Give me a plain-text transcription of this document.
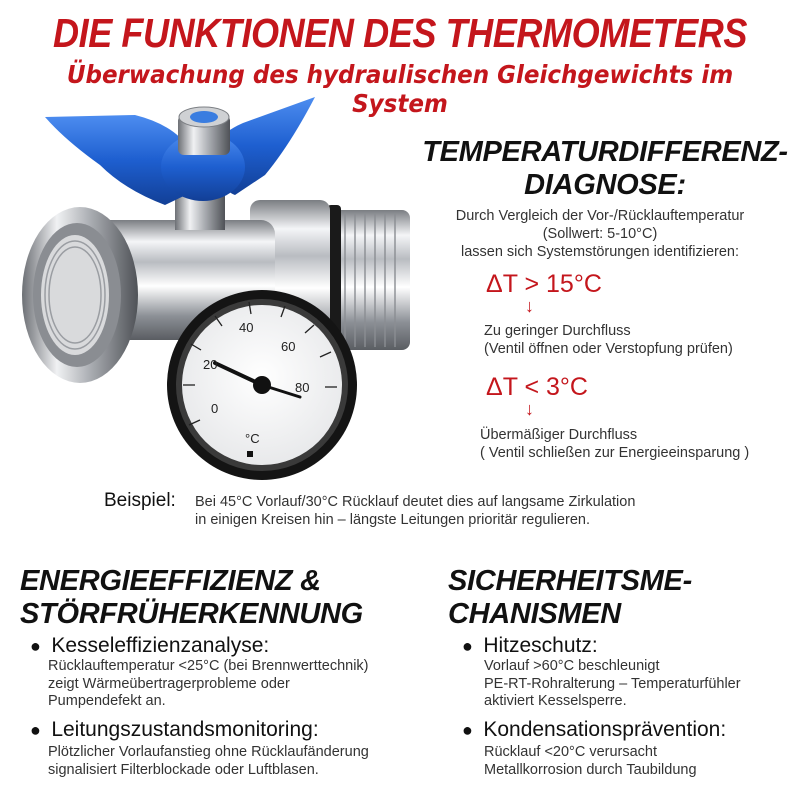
DIE FUNKTIONEN DES THERMOMETERS
Überwachung des hydraulischen Gleichgewichts im System
0
20
40
60
80
°C
TEMPERATURDIFFERENZ-
DIAGNOSE:
Durch Vergleich der Vor-/Rücklauftemperatur
(Sollwert: 5-10°C)
lassen sich Systemstörungen identifizieren:
ΔT > 15°C
↓
Zu geringer Durchfluss
(Ventil öffnen oder Verstopfung prüfen)
ΔT < 3°C
↓
Übermäßiger Durchfluss
( Ventil schließen zur Energieeinsparung )
Beispiel: Bei 45°C Vorlauf/30°C Rücklauf deutet dies auf langsame Zirkulation
in einigen Kreisen hin – längste Leitungen prioritär regulieren.
ENERGIEEFFIZIENZ &
STÖRFRÜHERKENNUNG
● Kesseleffizienzanalyse:
Rücklauftemperatur <25°C (bei Brennwerttechnik)
zeigt Wärmeübertragerprobleme oder
Pumpendefekt an.
● Leitungszustandsmonitoring:
Plötzlicher Vorlaufanstieg ohne Rücklaufänderung
signalisiert Filterblockade oder Luftblasen.
SICHERHEITSME-
CHANISMEN
● Hitzeschutz:
Vorlauf >60°C beschleunigt
PE-RT-Rohralterung – Temperaturfühler
aktiviert Kesselsperre.
● Kondensationsprävention:
Rücklauf <20°C verursacht
Metallkorrosion durch Taubildung
